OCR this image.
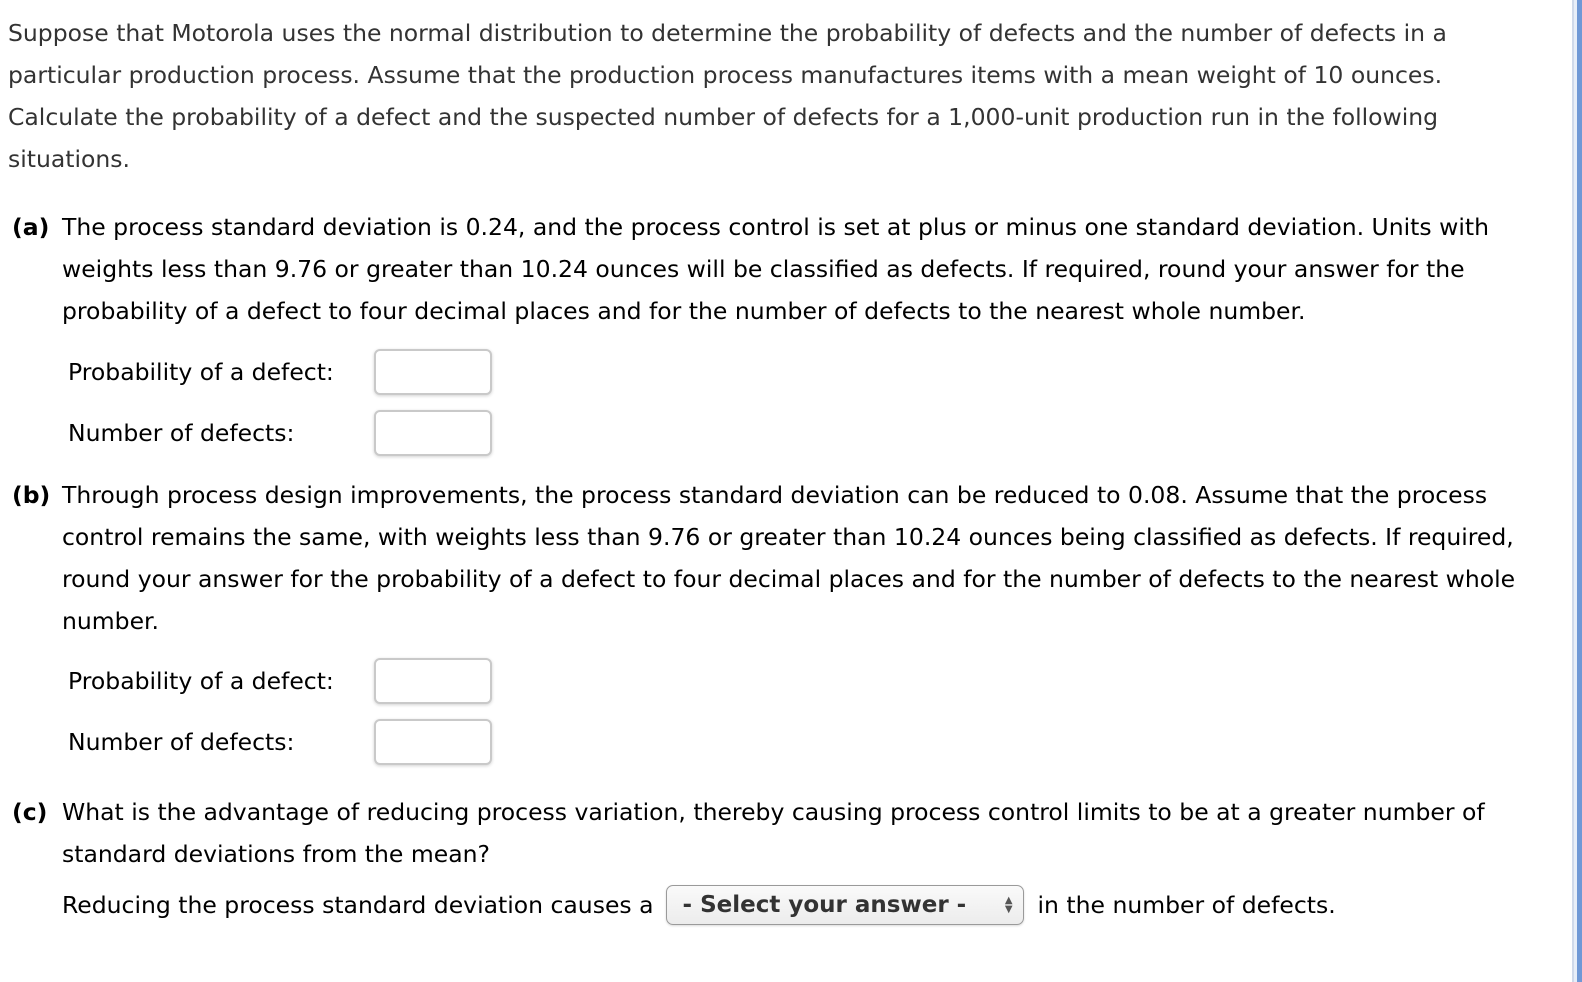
Suppose that Motorola uses the normal distribution to determine the probability of defects and the number of defects in a particular production process. Assume that the production process manufactures items with a mean weight of 10 ounces. Calculate the probability of a defect and the suspected number of defects for a 1,000-unit production run in the following situations.

(a) The process standard deviation is 0.24, and the process control is set at plus or minus one standard deviation. Units with weights less than 9.76 or greater than 10.24 ounces will be classified as defects. If required, round your answer for the probability of a defect to four decimal places and for the number of defects to the nearest whole number.

Probability of a defect:
Number of defects:

(b) Through process design improvements, the process standard deviation can be reduced to 0.08. Assume that the process control remains the same, with weights less than 9.76 or greater than 10.24 ounces being classified as defects. If required, round your answer for the probability of a defect to four decimal places and for the number of defects to the nearest whole number.

Probability of a defect:
Number of defects:

(c) What is the advantage of reducing process variation, thereby causing process control limits to be at a greater number of standard deviations from the mean?

Reducing the process standard deviation causes a - Select your answer -	▲
▼ in the number of defects.
